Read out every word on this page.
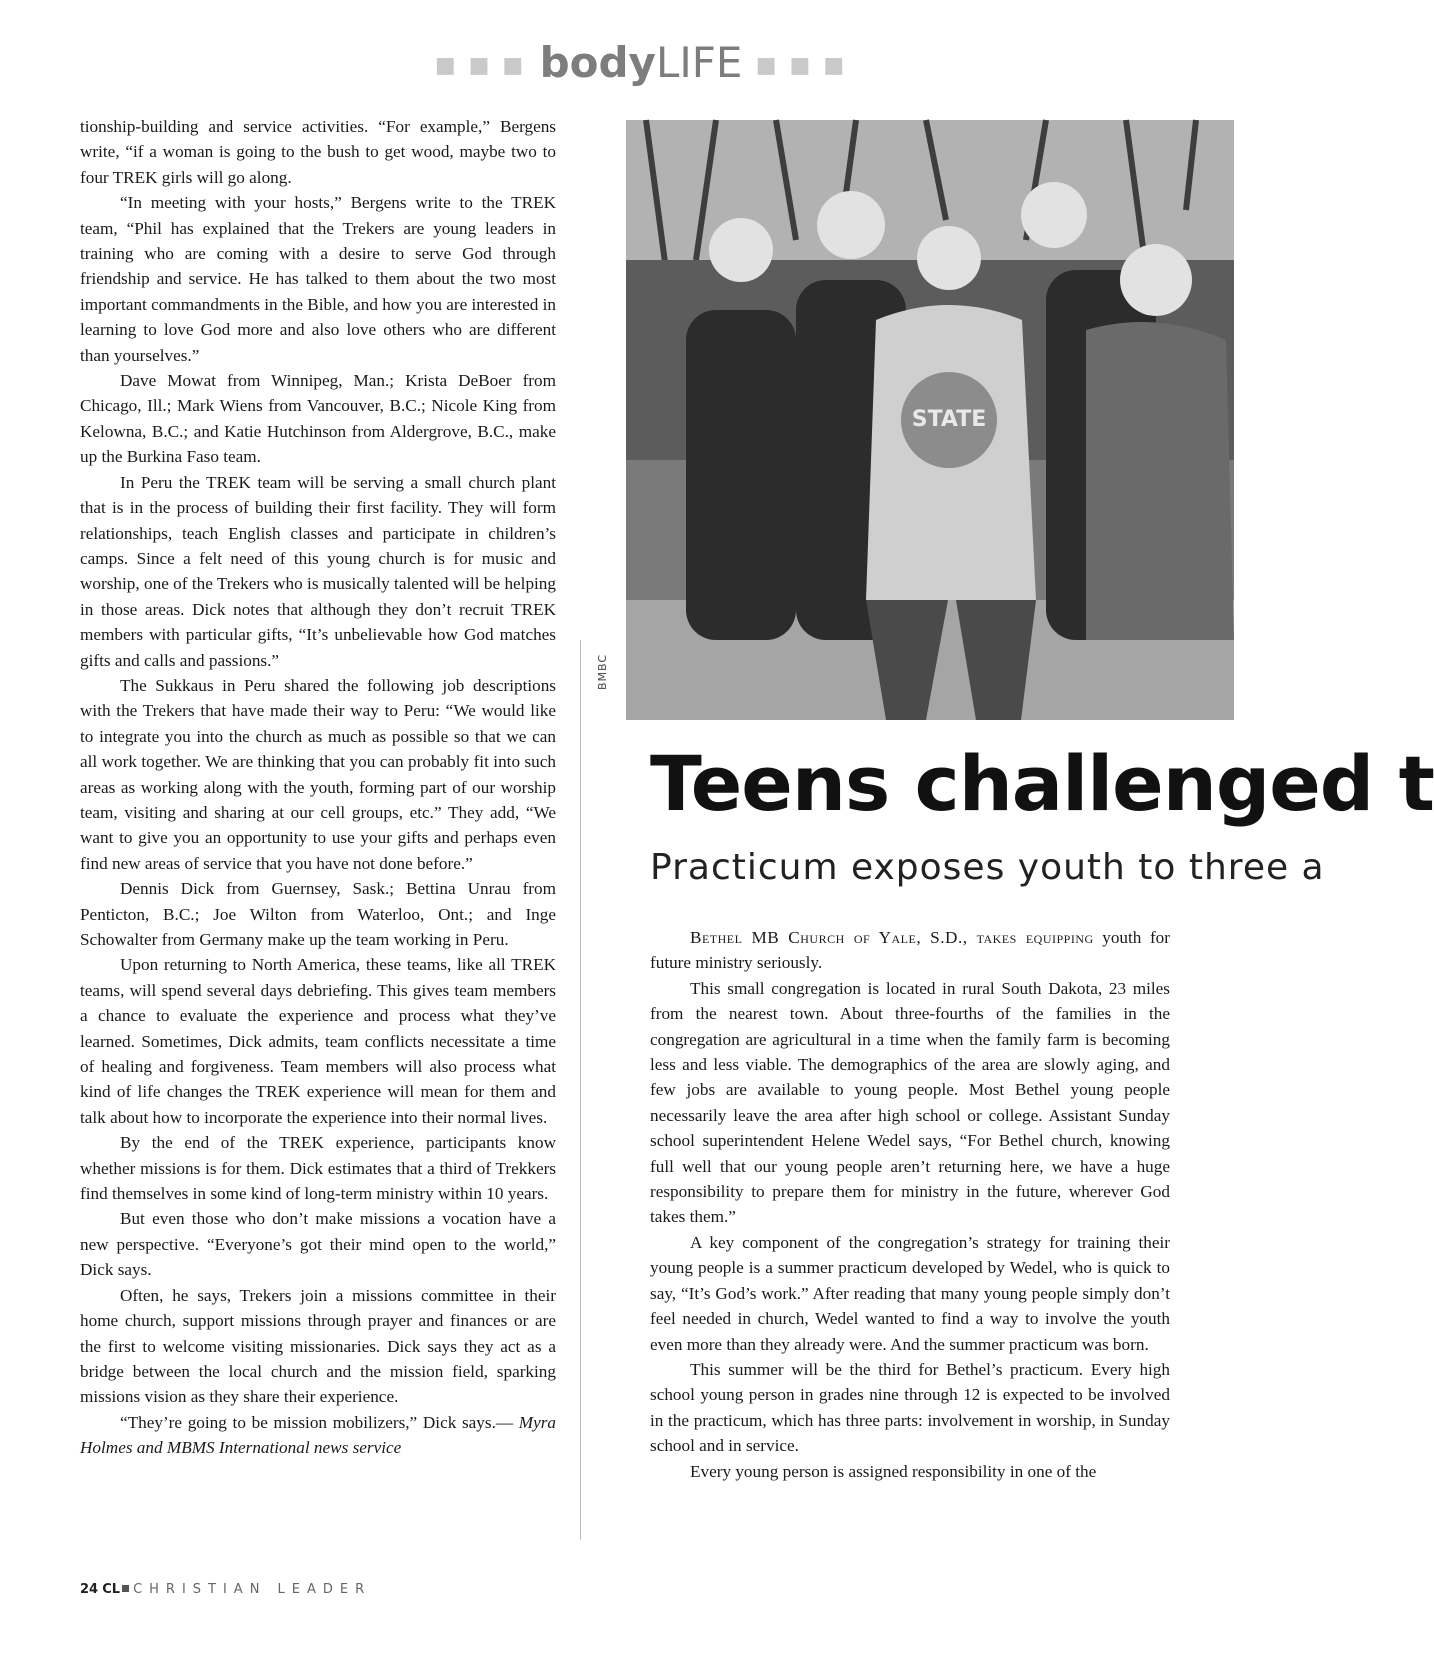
■ ■ ■ bodyLIFE ■ ■ ■

tionship-building and service activities. “For example,” Bergens write, “if a woman is going to the bush to get wood, maybe two to four TREK girls will go along.

“In meeting with your hosts,” Bergens write to the TREK team, “Phil has explained that the Trekers are young leaders in training who are coming with a desire to serve God through friendship and service. He has talked to them about the two most important commandments in the Bible, and how you are interested in learning to love God more and also love others who are different than yourselves.”

Dave Mowat from Winnipeg, Man.; Krista DeBoer from Chicago, Ill.; Mark Wiens from Vancouver, B.C.; Nicole King from Kelowna, B.C.; and Katie Hutchinson from Aldergrove, B.C., make up the Burkina Faso team.

In Peru the TREK team will be serving a small church plant that is in the process of building their first facility. They will form relationships, teach English classes and participate in children’s camps. Since a felt need of this young church is for music and worship, one of the Trekers who is musically talented will be helping in those areas. Dick notes that although they don’t recruit TREK members with particular gifts, “It’s unbelievable how God matches gifts and calls and passions.”

The Sukkaus in Peru shared the following job descriptions with the Trekers that have made their way to Peru: “We would like to integrate you into the church as much as possible so that we can all work together. We are thinking that you can probably fit into such areas as working along with the youth, forming part of our worship team, visiting and sharing at our cell groups, etc.” They add, “We want to give you an opportunity to use your gifts and perhaps even find new areas of service that you have not done before.”

Dennis Dick from Guernsey, Sask.; Bettina Unrau from Penticton, B.C.; Joe Wilton from Waterloo, Ont.; and Inge Schowalter from Germany make up the team working in Peru.

Upon returning to North America, these teams, like all TREK teams, will spend several days debriefing. This gives team members a chance to evaluate the experience and process what they’ve learned. Sometimes, Dick admits, team conflicts necessitate a time of healing and forgiveness. Team members will also process what kind of life changes the TREK experience will mean for them and talk about how to incorporate the experience into their normal lives.

By the end of the TREK experience, participants know whether missions is for them. Dick estimates that a third of Trekkers find themselves in some kind of long-term ministry within 10 years.

But even those who don’t make missions a vocation have a new perspective. “Everyone’s got their mind open to the world,” Dick says.

Often, he says, Trekers join a missions committee in their home church, support missions through prayer and finances or are the first to welcome visiting missionaries. Dick says they act as a bridge between the local church and the mission field, sparking missions vision as they share their experience.

“They’re going to be mission mobilizers,” Dick says.— Myra Holmes and MBMS International news service

STATE
BMBC
Teens challenged t
Practicum exposes youth to three a

Bethel MB Church of Yale, S.D., takes equipping youth for future ministry seriously.

This small congregation is located in rural South Dakota, 23 miles from the nearest town. About three-fourths of the families in the congregation are agricultural in a time when the family farm is becoming less and less viable. The demographics of the area are slowly aging, and few jobs are available to young people. Most Bethel young people necessarily leave the area after high school or college. Assistant Sunday school superintendent Helene Wedel says, “For Bethel church, knowing full well that our young people aren’t returning here, we have a huge responsibility to prepare them for ministry in the future, wherever God takes them.”

A key component of the congregation’s strategy for training their young people is a summer practicum developed by Wedel, who is quick to say, “It’s God’s work.” After reading that many young people simply don’t feel needed in church, Wedel wanted to find a way to involve the youth even more than they already were. And the summer practicum was born.

This summer will be the third for Bethel’s practicum. Every high school young person in grades nine through 12 is expected to be involved in the practicum, which has three parts: involvement in worship, in Sunday school and in service.

Every young person is assigned responsibility in one of the

24 CL CHRISTIAN LEADER
